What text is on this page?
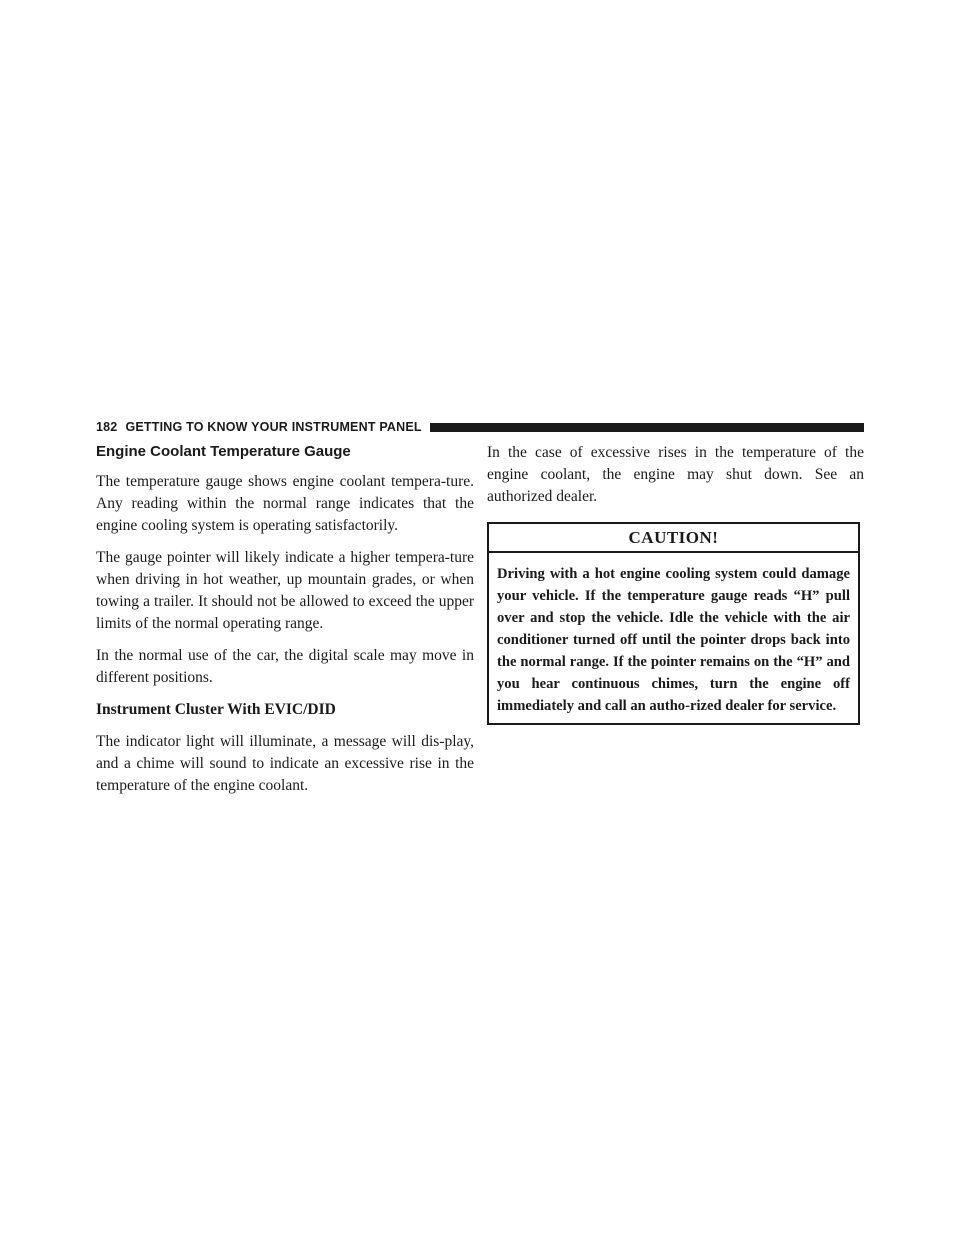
182 GETTING TO KNOW YOUR INSTRUMENT PANEL
Engine Coolant Temperature Gauge

The temperature gauge shows engine coolant tempera-ture. Any reading within the normal range indicates that the engine cooling system is operating satisfactorily.

The gauge pointer will likely indicate a higher tempera-ture when driving in hot weather, up mountain grades, or when towing a trailer. It should not be allowed to exceed the upper limits of the normal operating range.

In the normal use of the car, the digital scale may move in different positions.

Instrument Cluster With EVIC/DID

The indicator light will illuminate, a message will dis-play, and a chime will sound to indicate an excessive rise in the temperature of the engine coolant.

In the case of excessive rises in the temperature of the engine coolant, the engine may shut down. See an authorized dealer.

CAUTION!
Driving with a hot engine cooling system could damage your vehicle. If the temperature gauge reads “H” pull over and stop the vehicle. Idle the vehicle with the air conditioner turned off until the pointer drops back into the normal range. If the pointer remains on the “H” and you hear continuous chimes, turn the engine off immediately and call an autho-rized dealer for service.
